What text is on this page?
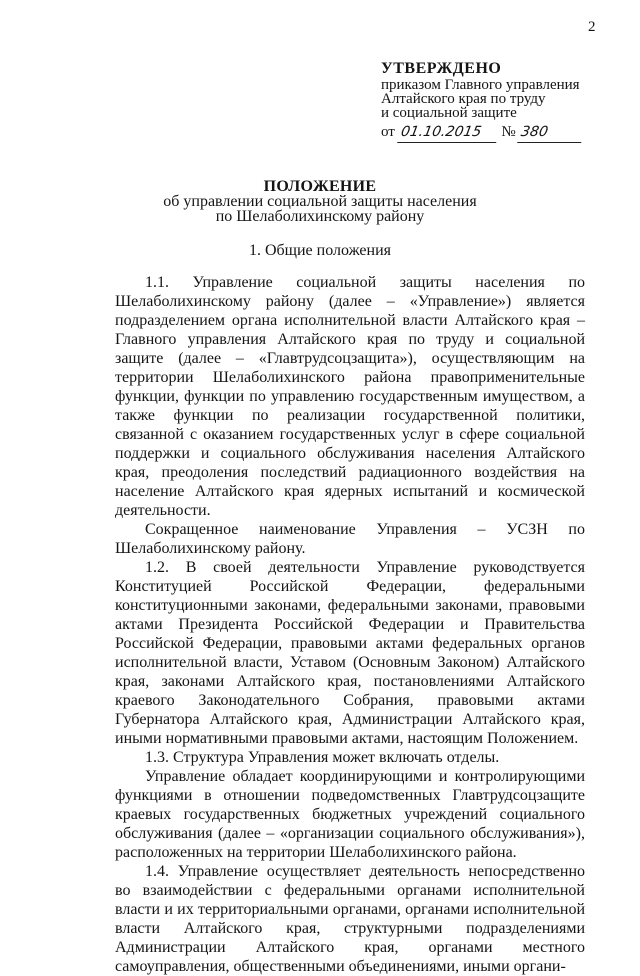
2
УТВЕРЖДЕНО
приказом Главного управления
Алтайского края по труду
и социальной защите
от 01.10.2015 № 380
ПОЛОЖЕНИЕ
об управлении социальной защиты населения
по Шелаболихинскому району
1. Общие положения

1.1. Управление социальной защиты населения по Шелаболихинскому району (далее – «Управление») является подразделением органа исполнительной власти Алтайского края – Главного управления Алтайского края по труду и социальной защите (далее – «Главтрудсоцзащита»), осуществляющим на территории Шелаболихинского района правоприменительные функции, функции по управлению государственным имуществом, а также функции по реализации государственной политики, связанной с оказанием государственных услуг в сфере социальной поддержки и социального обслуживания населения Алтайского края, преодоления последствий радиационного воздействия на население Алтайского края ядерных испытаний и космической деятельности.

Сокращенное наименование Управления – УСЗН по Шелаболихинскому району.

1.2. В своей деятельности Управление руководствуется Конституцией Российской Федерации, федеральными конституционными законами, федеральными законами, правовыми актами Президента Российской Федерации и Правительства Российской Федерации, правовыми актами федеральных органов исполнительной власти, Уставом (Основным Законом) Алтайского края, законами Алтайского края, постановлениями Алтайского краевого Законодательного Собрания, правовыми актами Губернатора Алтайского края, Администрации Алтайского края, иными нормативными правовыми актами, настоящим Положением.

1.3. Структура Управления может включать отделы.

Управление обладает координирующими и контролирующими функциями в отношении подведомственных Главтрудсоцзащите краевых государственных бюджетных учреждений социального обслуживания (далее – «организации социального обслуживания»), расположенных на территории Шелаболихинского района.

1.4. Управление осуществляет деятельность непосредственно во взаимодействии с федеральными органами исполнительной власти и их территориальными органами, органами исполнительной власти Алтайского края, структурными подразделениями Администрации Алтайского края, органами местного самоуправления, общественными объединениями, иными органи-
